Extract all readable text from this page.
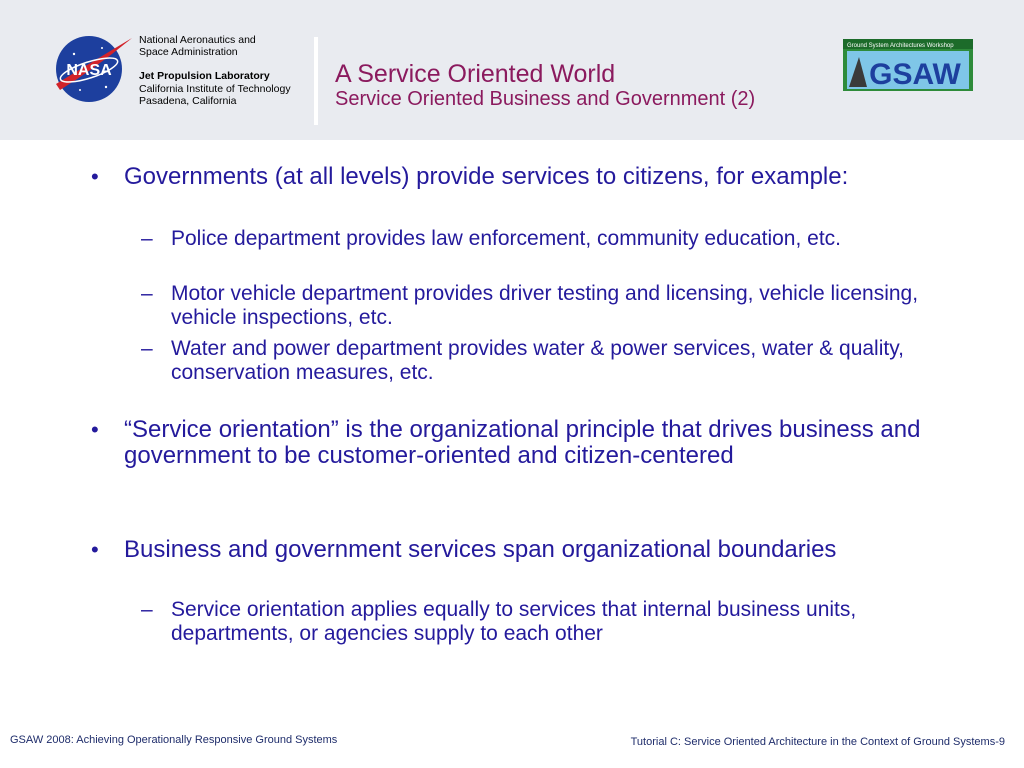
NASA
National Aeronautics and
Space Administration
Jet Propulsion Laboratory
California Institute of Technology
Pasadena, California
A Service Oriented World
Service Oriented Business and Government (2)
Ground System Architectures Workshop
GSAW
• Governments (at all levels) provide services to citizens, for example:
– Police department provides law enforcement, community education, etc.
– Motor vehicle department provides driver testing and licensing, vehicle licensing, vehicle inspections, etc.
– Water and power department provides water & power services, water & quality, conservation measures, etc.
• “Service orientation” is the organizational principle that drives business and government to be customer-oriented and citizen-centered
• Business and government services span organizational boundaries
– Service orientation applies equally to services that internal business units, departments, or agencies supply to each other
GSAW 2008: Achieving Operationally Responsive Ground Systems	Tutorial C: Service Oriented Architecture in the Context of Ground Systems-9
